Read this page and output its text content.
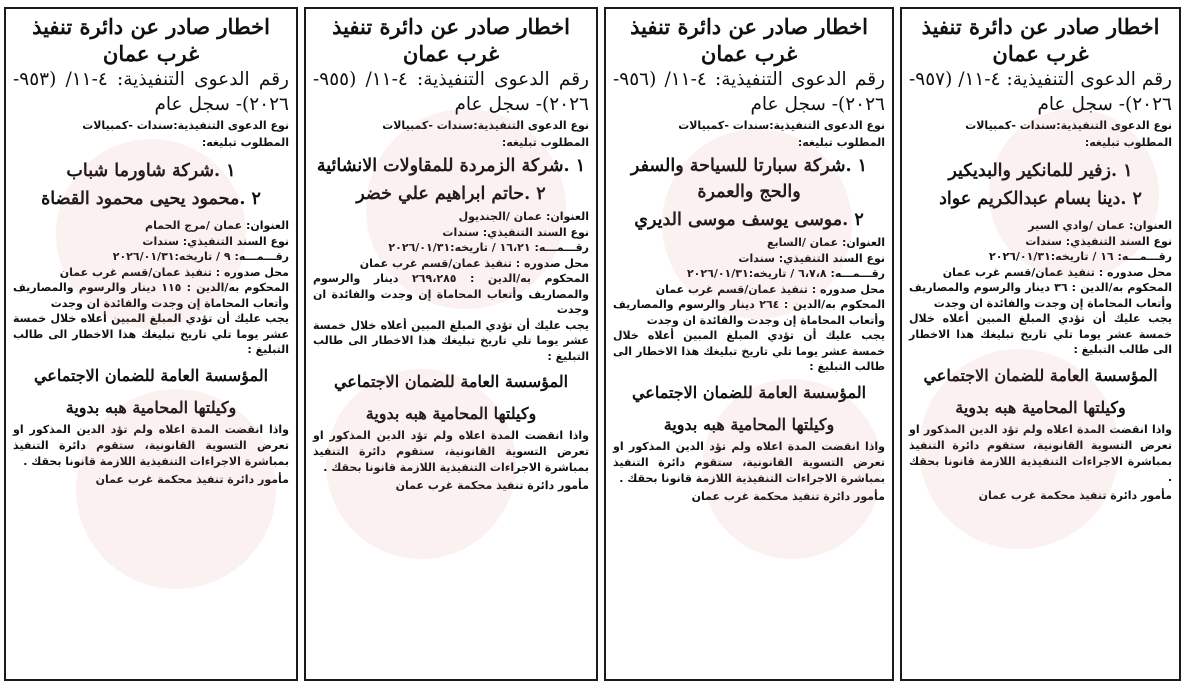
اخطار صادر عن دائرة تنفيذ غرب عمان

رقم الدعوى التنفيذية: ٤-١١/ (٩٥٧- ٢٠٢٦)- سجل عام

نوع الدعوى التنفيذية:سندات -كمبيالات

المطلوب تبليغه:

١ .زفير للمانكير والبديكير

٢ .دينا بسام عبدالكريم عواد

العنوان: عمان /وادي السير

نوع السند التنفيذي: سندات

رقـــمـــه: ١٦ / تاريخه:٢٠٢٦/٠١/٣١

محل صدوره : تنفيذ عمان/قسم غرب عمان

المحكوم به/الدين : ٣٦ دينار والرسوم والمصاريف وأتعاب المحاماة إن وجدت والفائدة ان وجدت

يجب عليك أن تؤدي المبلغ المبين أعلاه خلال خمسة عشر يوما تلي تاريخ تبليغك هذا الاخطار الى طالب التبليغ :

المؤسسة العامة للضمان الاجتماعي

وكيلتها المحامية هبه بدوية

واذا انقضت المدة اعلاه ولم تؤد الدين المذكور او تعرض التسوية القانونية، ستقوم دائرة التنفيذ بمباشرة الاجراءات التنفيذية اللازمة قانونا بحقك .

مأمور دائرة تنفيذ محكمة غرب عمان

اخطار صادر عن دائرة تنفيذ غرب عمان

رقم الدعوى التنفيذية: ٤-١١/ (٩٥٦- ٢٠٢٦)- سجل عام

نوع الدعوى التنفيذية:سندات -كمبيالات

المطلوب تبليغه:

١ .شركة سبارتا للسياحة والسفر والحج والعمرة

٢ .موسى يوسف موسى الديري

العنوان: عمان /السابع

نوع السند التنفيذي: سندات

رقـــمـــه: ٦،٧،٨ / تاريخه:٢٠٢٦/٠١/٣١

محل صدوره : تنفيذ عمان/قسم غرب عمان

المحكوم به/الدين : ٢٦٤ دينار والرسوم والمصاريف وأتعاب المحاماة إن وجدت والفائدة ان وجدت

يجب عليك أن تؤدي المبلغ المبين أعلاه خلال خمسة عشر يوما تلي تاريخ تبليغك هذا الاخطار الى طالب التبليغ :

المؤسسة العامة للضمان الاجتماعي

وكيلتها المحامية هبه بدوية

واذا انقضت المدة اعلاه ولم تؤد الدين المذكور او تعرض التسوية القانونية، ستقوم دائرة التنفيذ بمباشرة الاجراءات التنفيذية اللازمة قانونا بحقك .

مأمور دائرة تنفيذ محكمة غرب عمان

اخطار صادر عن دائرة تنفيذ غرب عمان

رقم الدعوى التنفيذية: ٤-١١/ (٩٥٥- ٢٠٢٦)- سجل عام

نوع الدعوى التنفيذية:سندات -كمبيالات

المطلوب تبليغه:

١ .شركة الزمردة للمقاولات الانشائية

٢ .حاتم ابراهيم علي خضر

العنوان: عمان /الجنديول

نوع السند التنفيذي: سندات

رقـــمـــه: ١٦،٢١ / تاريخه:٢٠٢٦/٠١/٣١

محل صدوره : تنفيذ عمان/قسم غرب عمان

المحكوم به/الدين : ٢٦٩،٢٨٥ دينار والرسوم والمصاريف وأتعاب المحاماة إن وجدت والفائدة ان وجدت

يجب عليك أن تؤدي المبلغ المبين أعلاه خلال خمسة عشر يوما تلي تاريخ تبليغك هذا الاخطار الى طالب التبليغ :

المؤسسة العامة للضمان الاجتماعي

وكيلتها المحامية هبه بدوية

واذا انقضت المدة اعلاه ولم تؤد الدين المذكور او تعرض التسوية القانونية، ستقوم دائرة التنفيذ بمباشرة الاجراءات التنفيذية اللازمة قانونا بحقك .

مأمور دائرة تنفيذ محكمة غرب عمان

اخطار صادر عن دائرة تنفيذ غرب عمان

رقم الدعوى التنفيذية: ٤-١١/ (٩٥٣- ٢٠٢٦)- سجل عام

نوع الدعوى التنفيذية:سندات -كمبيالات

المطلوب تبليغه:

١ .شركة شاورما شباب

٢ .محمود يحيى محمود القضاة

العنوان: عمان /مرج الحمام

نوع السند التنفيذي: سندات

رقـــمـــه: ٩ / تاريخه:٢٠٢٦/٠١/٣١

محل صدوره : تنفيذ عمان/قسم غرب عمان

المحكوم به/الدين : ١١٥ دينار والرسوم والمصاريف وأتعاب المحاماة إن وجدت والفائدة ان وجدت

يجب عليك أن تؤدي المبلغ المبين أعلاه خلال خمسة عشر يوما تلي تاريخ تبليغك هذا الاخطار الى طالب التبليغ :

المؤسسة العامة للضمان الاجتماعي

وكيلتها المحامية هبه بدوية

واذا انقضت المدة اعلاه ولم تؤد الدين المذكور او تعرض التسوية القانونية، ستقوم دائرة التنفيذ بمباشرة الاجراءات التنفيذية اللازمة قانونا بحقك .

مأمور دائرة تنفيذ محكمة غرب عمان
